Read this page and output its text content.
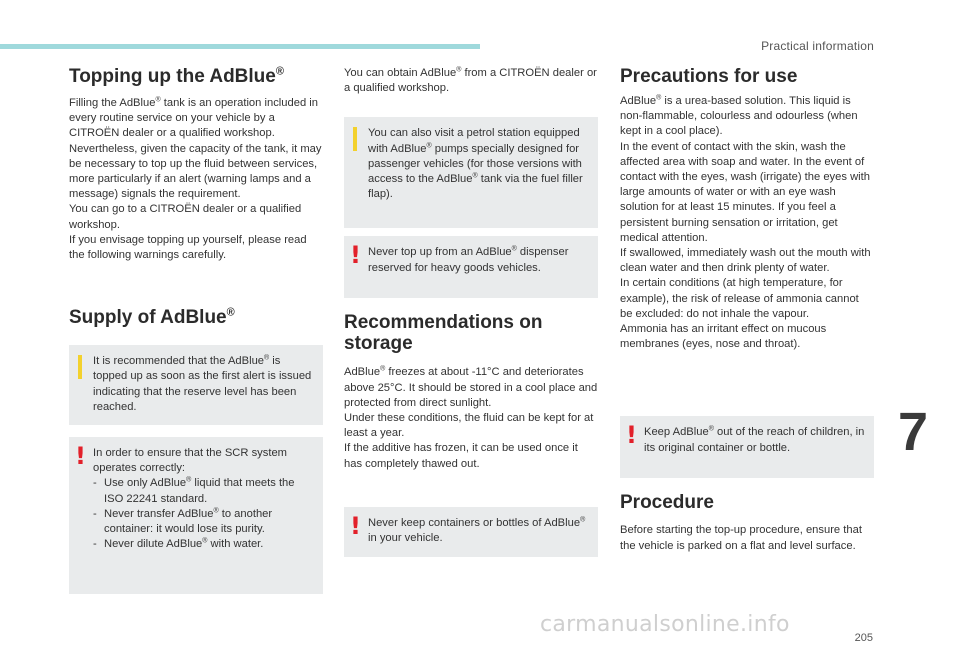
Practical information
7
205
carmanualsonline.info
Topping up the AdBlue®

Filling the AdBlue® tank is an operation included in every routine service on your vehicle by a CITROËN dealer or a qualified workshop.

Nevertheless, given the capacity of the tank, it may be necessary to top up the fluid between services, more particularly if an alert (warning lamps and a message) signals the requirement.

You can go to a CITROËN dealer or a qualified workshop.

If you envisage topping up yourself, please read the following warnings carefully.

Supply of AdBlue®
It is recommended that the AdBlue® is topped up as soon as the first alert is issued indicating that the reserve level has been reached.
! In order to ensure that the SCR system operates correctly:
- Use only AdBlue® liquid that meets the ISO 22241 standard.
- Never transfer AdBlue® to another container: it would lose its purity.
- Never dilute AdBlue® with water.

You can obtain AdBlue® from a CITROËN dealer or a qualified workshop.

You can also visit a petrol station equipped with AdBlue® pumps specially designed for passenger vehicles (for those versions with access to the AdBlue® tank via the fuel filler flap).
! Never top up from an AdBlue® dispenser reserved for heavy goods vehicles.
Recommendations on storage

AdBlue® freezes at about -11°C and deteriorates above 25°C. It should be stored in a cool place and protected from direct sunlight.

Under these conditions, the fluid can be kept for at least a year.

If the additive has frozen, it can be used once it has completely thawed out.

! Never keep containers or bottles of AdBlue® in your vehicle.
Precautions for use

AdBlue® is a urea-based solution. This liquid is non-flammable, colourless and odourless (when kept in a cool place).

In the event of contact with the skin, wash the affected area with soap and water. In the event of contact with the eyes, wash (irrigate) the eyes with large amounts of water or with an eye wash solution for at least 15 minutes. If you feel a persistent burning sensation or irritation, get medical attention.

If swallowed, immediately wash out the mouth with clean water and then drink plenty of water.

In certain conditions (at high temperature, for example), the risk of release of ammonia cannot be excluded: do not inhale the vapour.

Ammonia has an irritant effect on mucous membranes (eyes, nose and throat).

! Keep AdBlue® out of the reach of children, in its original container or bottle.
Procedure

Before starting the top-up procedure, ensure that the vehicle is parked on a flat and level surface.
